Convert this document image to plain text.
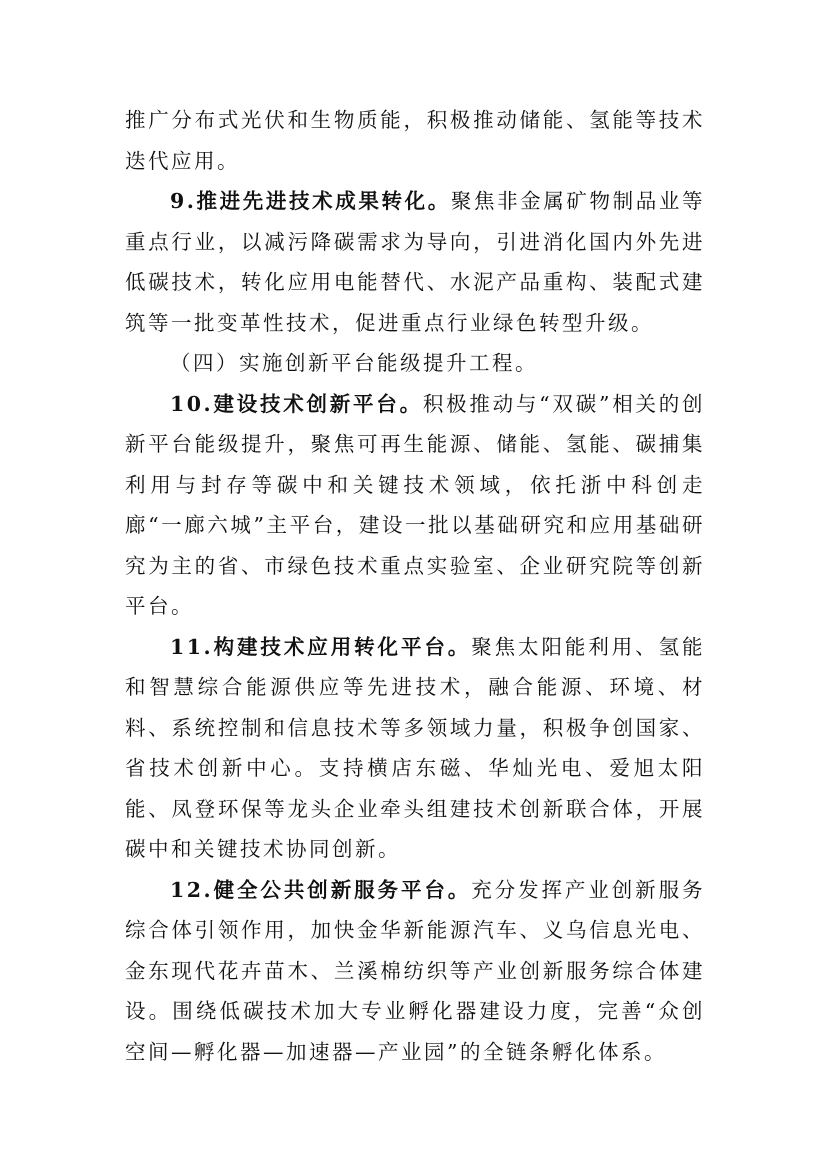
推广分布式光伏和生物质能，积极推动储能、氢能等技术迭代应用。

9.推进先进技术成果转化。聚焦非金属矿物制品业等重点行业，以减污降碳需求为导向，引进消化国内外先进低碳技术，转化应用电能替代、水泥产品重构、装配式建筑等一批变革性技术，促进重点行业绿色转型升级。

（四）实施创新平台能级提升工程。

10.建设技术创新平台。积极推动与“双碳”相关的创新平台能级提升，聚焦可再生能源、储能、氢能、碳捕集利用与封存等碳中和关键技术领域，依托浙中科创走廊“一廊六城”主平台，建设一批以基础研究和应用基础研究为主的省、市绿色技术重点实验室、企业研究院等创新平台。

11.构建技术应用转化平台。聚焦太阳能利用、氢能和智慧综合能源供应等先进技术，融合能源、环境、材料、系统控制和信息技术等多领域力量，积极争创国家、省技术创新中心。支持横店东磁、华灿光电、爱旭太阳能、凤登环保等龙头企业牵头组建技术创新联合体，开展碳中和关键技术协同创新。

12.健全公共创新服务平台。充分发挥产业创新服务综合体引领作用，加快金华新能源汽车、义乌信息光电、金东现代花卉苗木、兰溪棉纺织等产业创新服务综合体建设。围绕低碳技术加大专业孵化器建设力度，完善“众创空间—孵化器—加速器—产业园”的全链条孵化体系。
